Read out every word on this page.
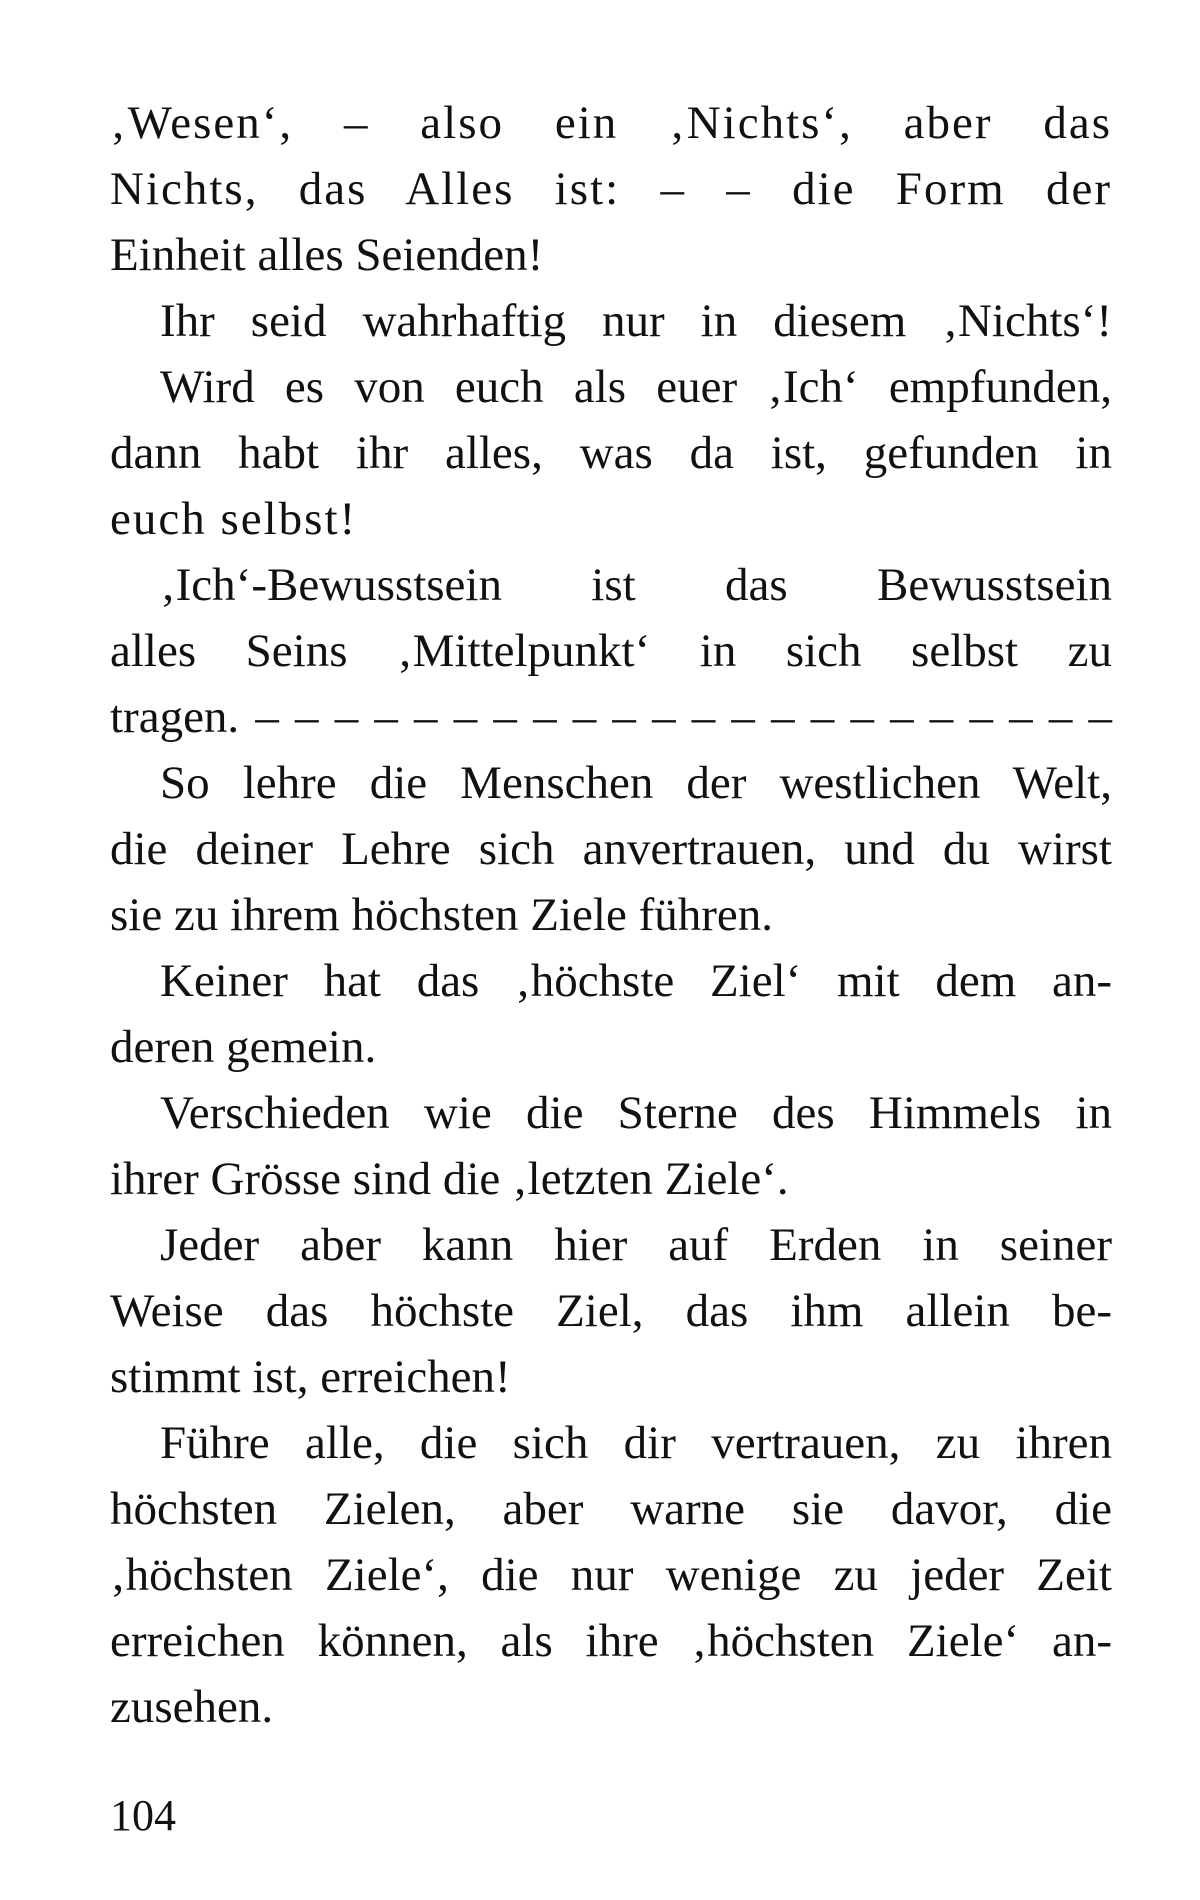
‚Wesen‘, – also ein ‚Nichts‘, aber das
Nichts, das Alles ist: – – die Form der
Einheit alles Seienden!
Ihr seid wahrhaftig nur in diesem ‚Nichts‘!
Wird es von euch als euer ‚Ich‘ empfunden,
dann habt ihr alles, was da ist, gefunden in
euch selbst!
‚Ich‘-Bewusstsein ist das Bewusstsein
alles Seins ‚Mittelpunkt‘ in sich selbst zu
tragen. – – – – – – – – – – – – – – – – – – – – – –
So lehre die Menschen der westlichen Welt,
die deiner Lehre sich anvertrauen, und du wirst
sie zu ihrem höchsten Ziele führen.
Keiner hat das ‚höchste Ziel‘ mit dem an-
deren gemein.
Verschieden wie die Sterne des Himmels in
ihrer Grösse sind die ‚letzten Ziele‘.
Jeder aber kann hier auf Erden in seiner
Weise das höchste Ziel, das ihm allein be-
stimmt ist, erreichen!
Führe alle, die sich dir vertrauen, zu ihren
höchsten Zielen, aber warne sie davor, die
‚höchsten Ziele‘, die nur wenige zu jeder Zeit
erreichen können, als ihre ‚höchsten Ziele‘ an-
zusehen.
104
